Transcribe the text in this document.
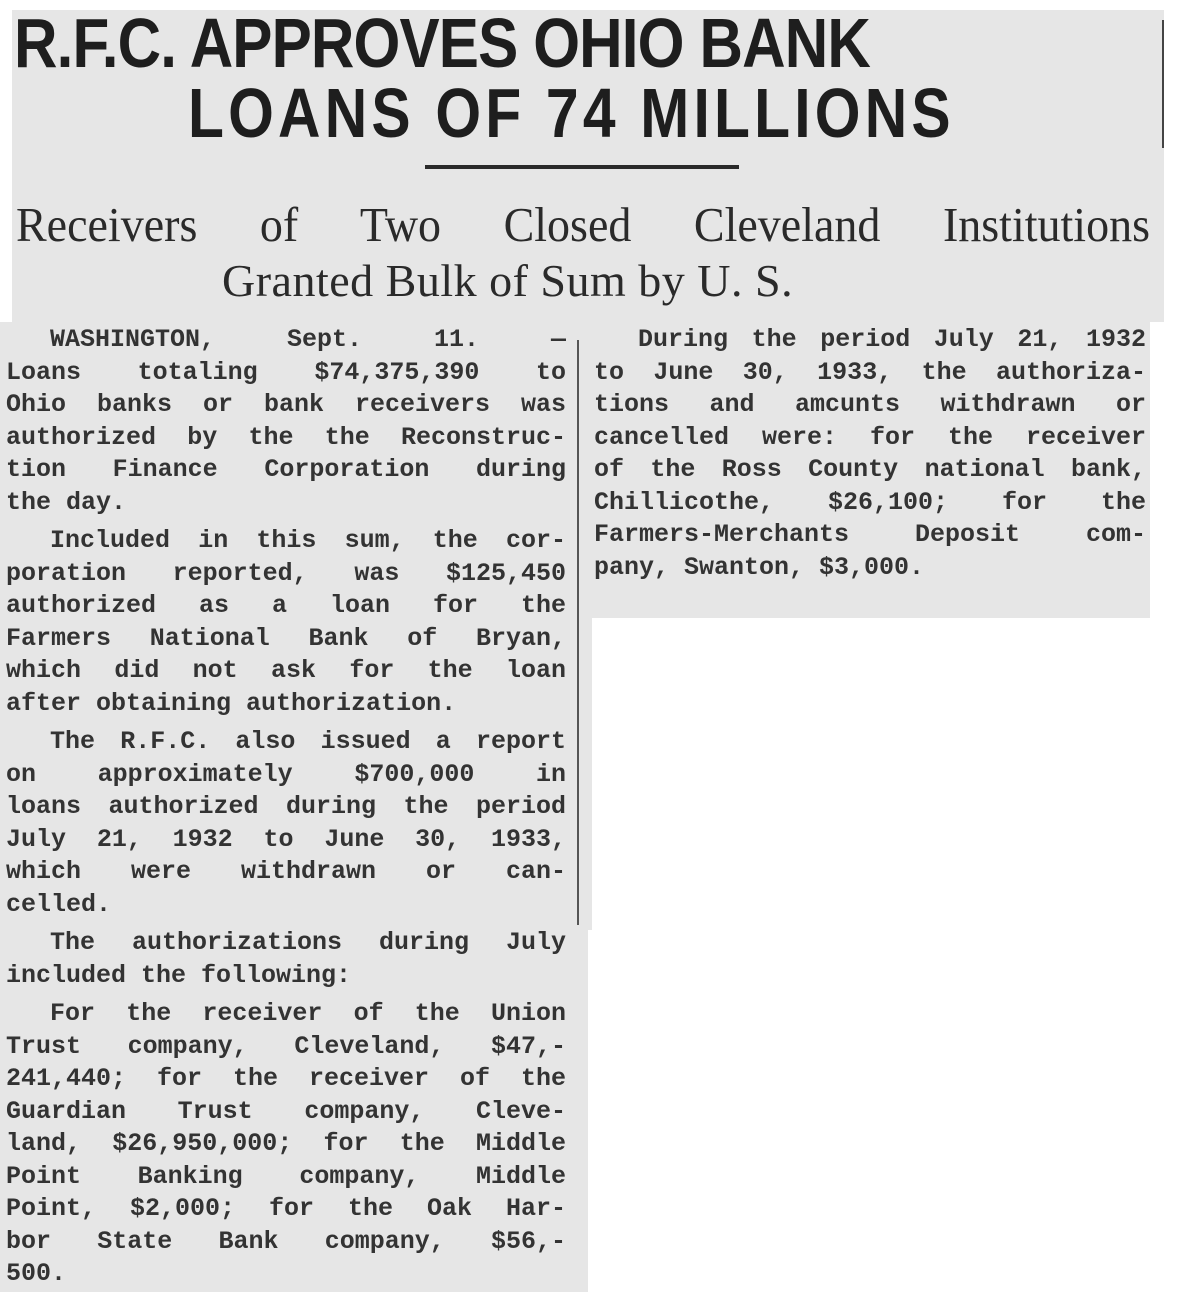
R.F.C. APPROVES OHIO BANK
LOANS OF 74 MILLIONS
Receivers of Two Closed Cleveland Institutions
Granted Bulk of Sum by U. S.

WASHINGTON, Sept. 11. —
Loans totaling $74,375,390 to
Ohio banks or bank receivers was
authorized by the the Reconstruc-
tion Finance Corporation during
the day.

Included in this sum, the cor-
poration reported, was $125,450
authorized as a loan for the
Farmers National Bank of Bryan,
which did not ask for the loan
after obtaining authorization.

The R.F.C. also issued a report
on approximately $700,000 in
loans authorized during the period
July 21, 1932 to June 30, 1933,
which were withdrawn or can-
celled.

The authorizations during July
included the following:

For the receiver of the Union
Trust company, Cleveland, $47,-
241,440; for the receiver of the
Guardian Trust company, Cleve-
land, $26,950,000; for the Middle
Point Banking company, Middle
Point, $2,000; for the Oak Har-
bor State Bank company, $56,-
500.

During the period July 21, 1932
to June 30, 1933, the authoriza-
tions and amcunts withdrawn or
cancelled were: for the receiver
of the Ross County national bank,
Chillicothe, $26,100; for the
Farmers-Merchants Deposit com-
pany, Swanton, $3,000.
